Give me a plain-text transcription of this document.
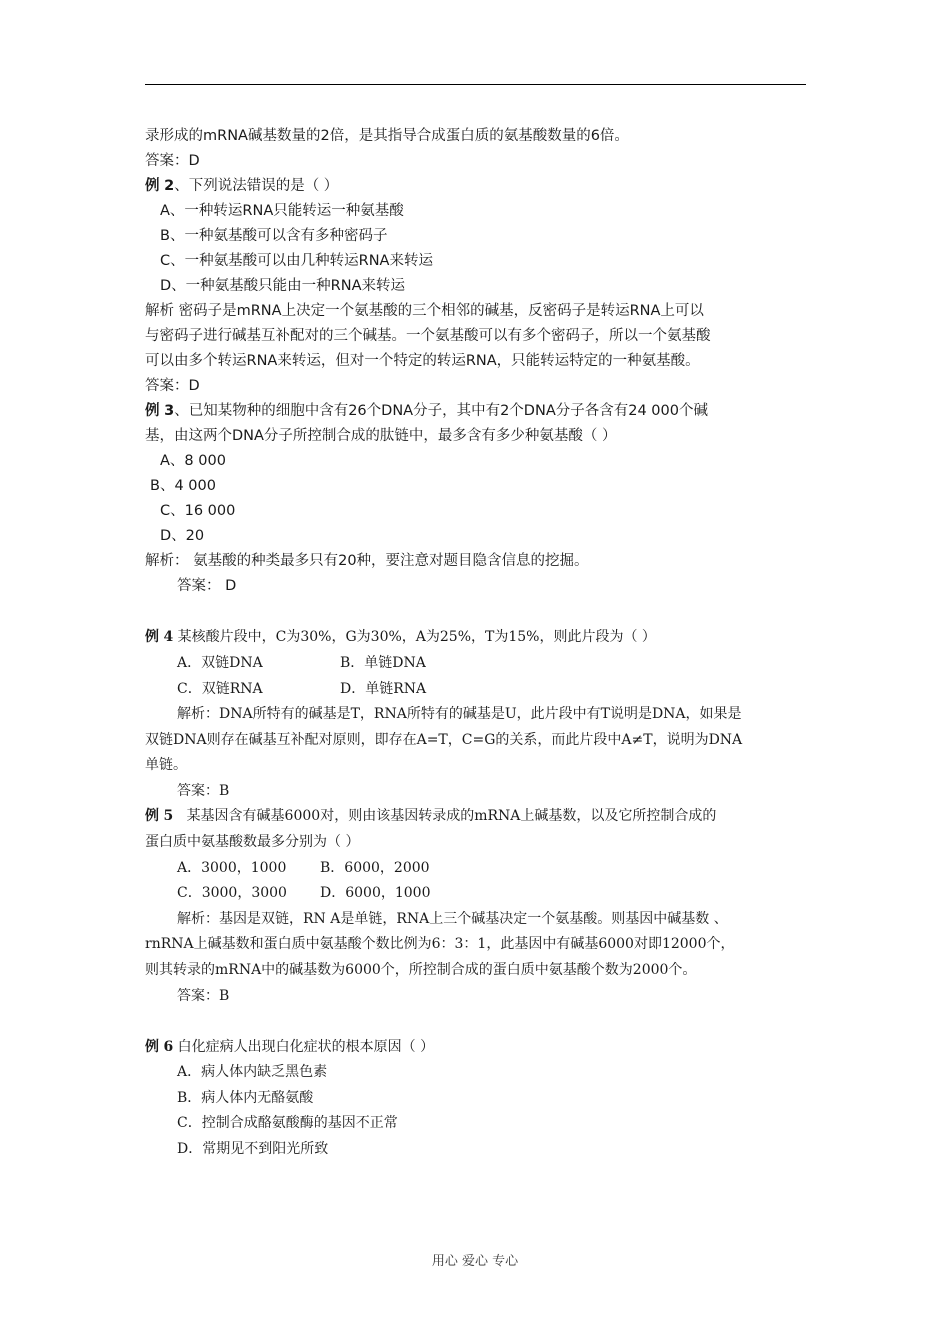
录形成的mRNA碱基数量的2倍，是其指导合成蛋白质的氨基酸数量的6倍。
答案：D
例 2、下列说法错误的是（ ）
A、一种转运RNA只能转运一种氨基酸
B、一种氨基酸可以含有多种密码子
C、一种氨基酸可以由几种转运RNA来转运
D、一种氨基酸只能由一种RNA来转运
解析 密码子是mRNA上决定一个氨基酸的三个相邻的碱基，反密码子是转运RNA上可以
与密码子进行碱基互补配对的三个碱基。一个氨基酸可以有多个密码子，所以一个氨基酸
可以由多个转运RNA来转运，但对一个特定的转运RNA，只能转运特定的一种氨基酸。
答案：D
例 3、已知某物种的细胞中含有26个DNA分子，其中有2个DNA分子各含有24 000个碱
基，由这两个DNA分子所控制合成的肽链中，最多含有多少种氨基酸（ ）
A、8 000
B、4 000
C、16 000
D、20
解析： 氨基酸的种类最多只有20种，要注意对题目隐含信息的挖掘。
答案： D
例 4 某核酸片段中，C为30%，G为30%，A为25%，T为15%，则此片段为（ ）
A．双链DNA	B．单链DNA
C．双链RNA	D．单链RNA
解析：DNA所特有的碱基是T，RNA所特有的碱基是U，此片段中有T说明是DNA，如果是
双链DNA则存在碱基互补配对原则，即存在A=T，C=G的关系，而此片段中A≠T，说明为DNA
单链。
答案：B
例 5 某基因含有碱基6000对，则由该基因转录成的mRNA上碱基数，以及它所控制合成的
蛋白质中氨基酸数最多分别为（ ）
A．3000，1000 B．6000，2000
C．3000，3000 D．6000，1000
解析：基因是双链，RN A是单链，RNA上三个碱基决定一个氨基酸。则基因中碱基数 、
rnRNA上碱基数和蛋白质中氨基酸个数比例为6：3：1，此基因中有碱基6000对即12000个，
则其转录的mRNA中的碱基数为6000个，所控制合成的蛋白质中氨基酸个数为2000个。
答案：B
例 6 白化症病人出现白化症状的根本原因（ ）
A．病人体内缺乏黑色素
B．病人体内无酪氨酸
C．控制合成酪氨酸酶的基因不正常
D．常期见不到阳光所致
用心 爱心 专心
